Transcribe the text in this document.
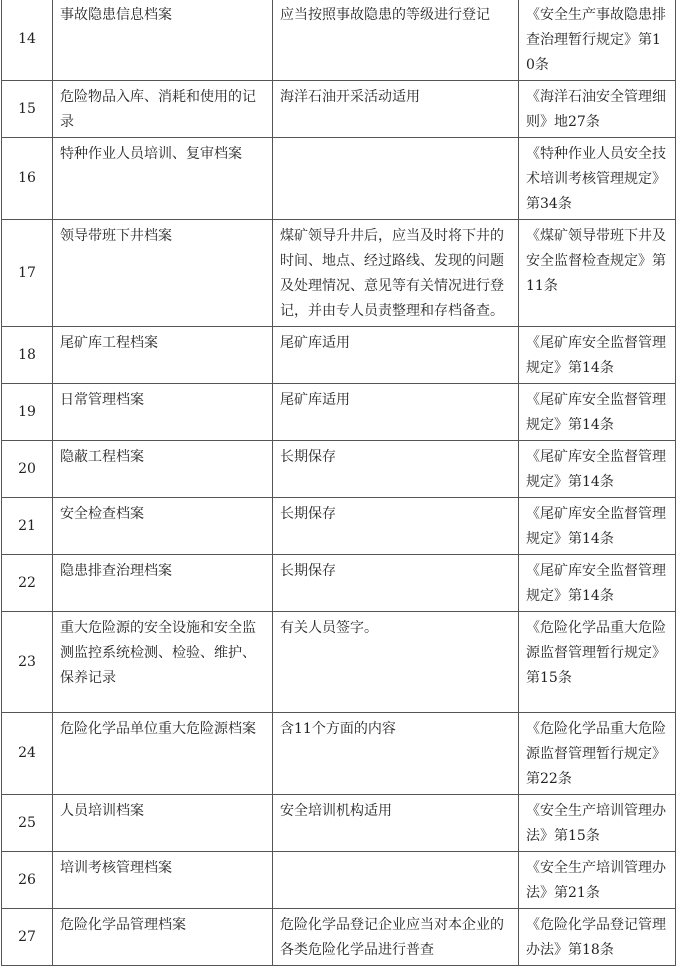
14	事故隐患信息档案	应当按照事故隐患的等级进行登记	《安全生产事故隐患排查治理暂行规定》第10条
15	危险物品入库、消耗和使用的记录	海洋石油开采活动适用	《海洋石油安全管理细则》地27条
16	特种作业人员培训、复审档案		《特种作业人员安全技术培训考核管理规定》第34条
17	领导带班下井档案	煤矿领导升井后，应当及时将下井的时间、地点、经过路线、发现的问题及处理情况、意见等有关情况进行登记，并由专人员责整理和存档备查。	《煤矿领导带班下井及安全监督检查规定》第11条
18	尾矿库工程档案	尾矿库适用	《尾矿库安全监督管理规定》第14条
19	日常管理档案	尾矿库适用	《尾矿库安全监督管理规定》第14条
20	隐蔽工程档案	长期保存	《尾矿库安全监督管理规定》第14条
21	安全检查档案	长期保存	《尾矿库安全监督管理规定》第14条
22	隐患排查治理档案	长期保存	《尾矿库安全监督管理规定》第14条
23	重大危险源的安全设施和安全监测监控系统检测、检验、维护、保养记录	有关人员签字。	《危险化学品重大危险源监督管理暂行规定》第15条
24	危险化学品单位重大危险源档案	含11个方面的内容	《危险化学品重大危险源监督管理暂行规定》第22条
25	人员培训档案	安全培训机构适用	《安全生产培训管理办法》第15条
26	培训考核管理档案		《安全生产培训管理办法》第21条
27	危险化学品管理档案	危险化学品登记企业应当对本企业的各类危险化学品进行普查	《危险化学品登记管理办法》第18条
